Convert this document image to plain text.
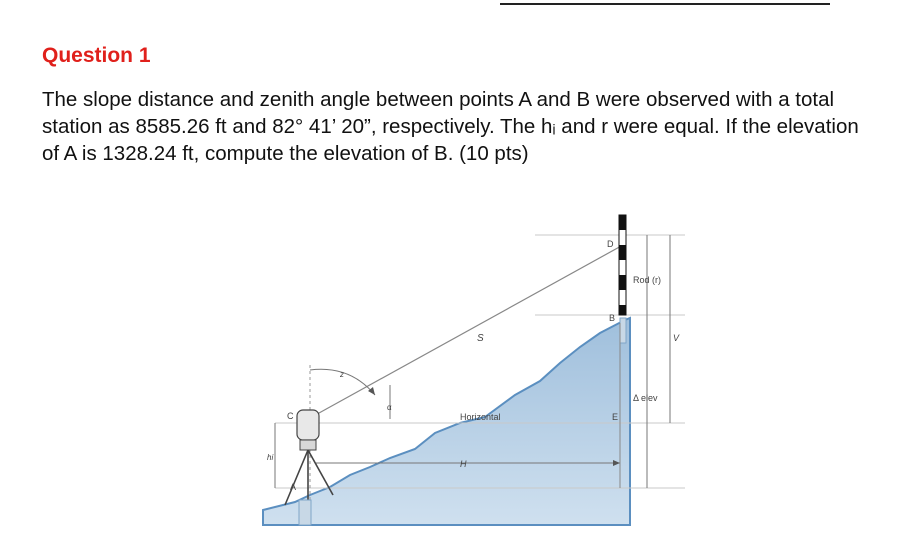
Question 1
The slope distance and zenith angle between points A and B were observed with a total station as 8585.26 ft and 82° 41’ 20”, respectively. The hᵢ and r were equal. If the elevation of A is 1328.24 ft, compute the elevation of B. (10 pts)
D
Rod (r)
B
S	V
z
α
Δ elev
C	Horizontal	E
hi
H
A
